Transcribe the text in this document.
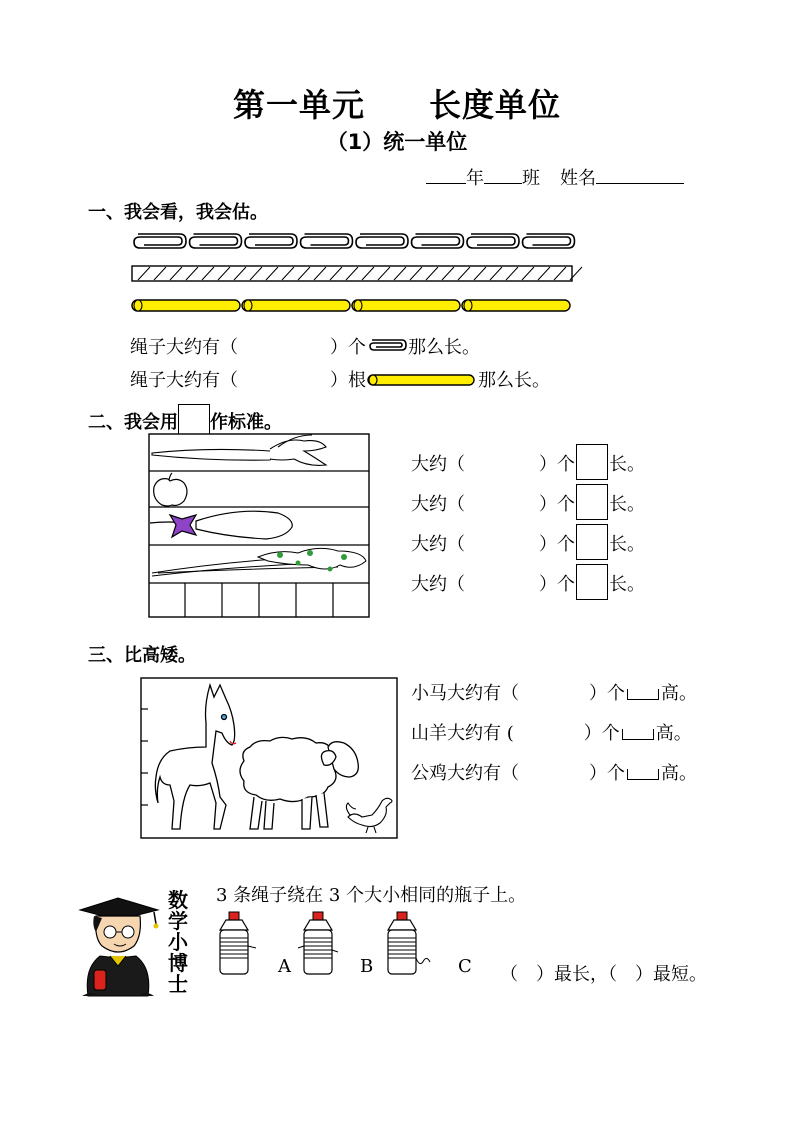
第一单元 长度单位
（1）统一单位
年 班 姓名
一、我会看，我会估。
绳子大约有（	）个 那么长。
绳子大约有（	）根	那么长。
二、我会用 作标准。
大约（	）个 长。
大约（	）个 长。
大约（	）个 长。
大约（	）个 长。
三、比高矮。
小马大约有（	）个 高。
山羊大约有 (	）个 高。
公鸡大约有（	）个 高。
数
学
小
博
士
3 条绳子绕在 3 个大小相同的瓶子上。
A	B	C （　）最长，（　）最短。
